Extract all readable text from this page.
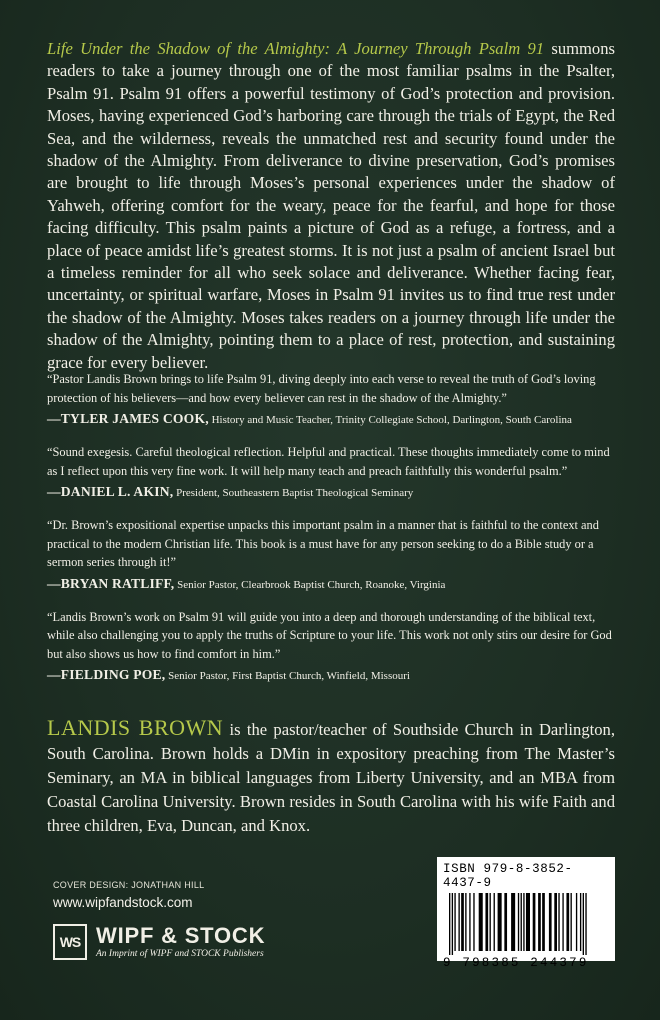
Life Under the Shadow of the Almighty: A Journey Through Psalm 91 summons readers to take a journey through one of the most familiar psalms in the Psalter, Psalm 91. Psalm 91 offers a powerful testimony of God’s protection and provision. Moses, having experienced God’s harboring care through the trials of Egypt, the Red Sea, and the wilderness, reveals the unmatched rest and security found under the shadow of the Almighty. From deliverance to divine preservation, God’s promises are brought to life through Moses’s personal experiences under the shadow of Yahweh, offering comfort for the weary, peace for the fearful, and hope for those facing difficulty. This psalm paints a picture of God as a refuge, a fortress, and a place of peace amidst life’s greatest storms. It is not just a psalm of ancient Israel but a timeless reminder for all who seek solace and deliverance. Whether facing fear, uncertainty, or spiritual warfare, Moses in Psalm 91 invites us to find true rest under the shadow of the Almighty. Moses takes readers on a journey through life under the shadow of the Almighty, pointing them to a place of rest, protection, and sustaining grace for every believer.

“Pastor Landis Brown brings to life Psalm 91, diving deeply into each verse to reveal the truth of God’s loving protection of his believers—and how every believer can rest in the shadow of the Almighty.”

—TYLER JAMES COOK, History and Music Teacher, Trinity Collegiate School, Darlington, South Carolina

“Sound exegesis. Careful theological reflection. Helpful and practical. These thoughts immediately come to mind as I reflect upon this very fine work. It will help many teach and preach faithfully this wonderful psalm.”

—DANIEL L. AKIN, President, Southeastern Baptist Theological Seminary

“Dr. Brown’s expositional expertise unpacks this important psalm in a manner that is faithful to the context and practical to the modern Christian life. This book is a must have for any person seeking to do a Bible study or a sermon series through it!”

—BRYAN RATLIFF, Senior Pastor, Clearbrook Baptist Church, Roanoke, Virginia

“Landis Brown’s work on Psalm 91 will guide you into a deep and thorough understanding of the biblical text, while also challenging you to apply the truths of Scripture to your life. This work not only stirs our desire for God but also shows us how to find comfort in him.”

—FIELDING POE, Senior Pastor, First Baptist Church, Winfield, Missouri

LANDIS BROWN is the pastor/teacher of Southside Church in Darlington, South Carolina. Brown holds a DMin in expository preaching from The Master’s Seminary, an MA in biblical languages from Liberty University, and an MBA from Coastal Carolina University. Brown resides in South Carolina with his wife Faith and three children, Eva, Duncan, and Knox.

COVER DESIGN: JONATHAN HILL
www.wipfandstock.com
WS WIPF & STOCK
An Imprint of WIPF and STOCK Publishers
ISBN 979-8-3852-4437-9
9 798385 244379
